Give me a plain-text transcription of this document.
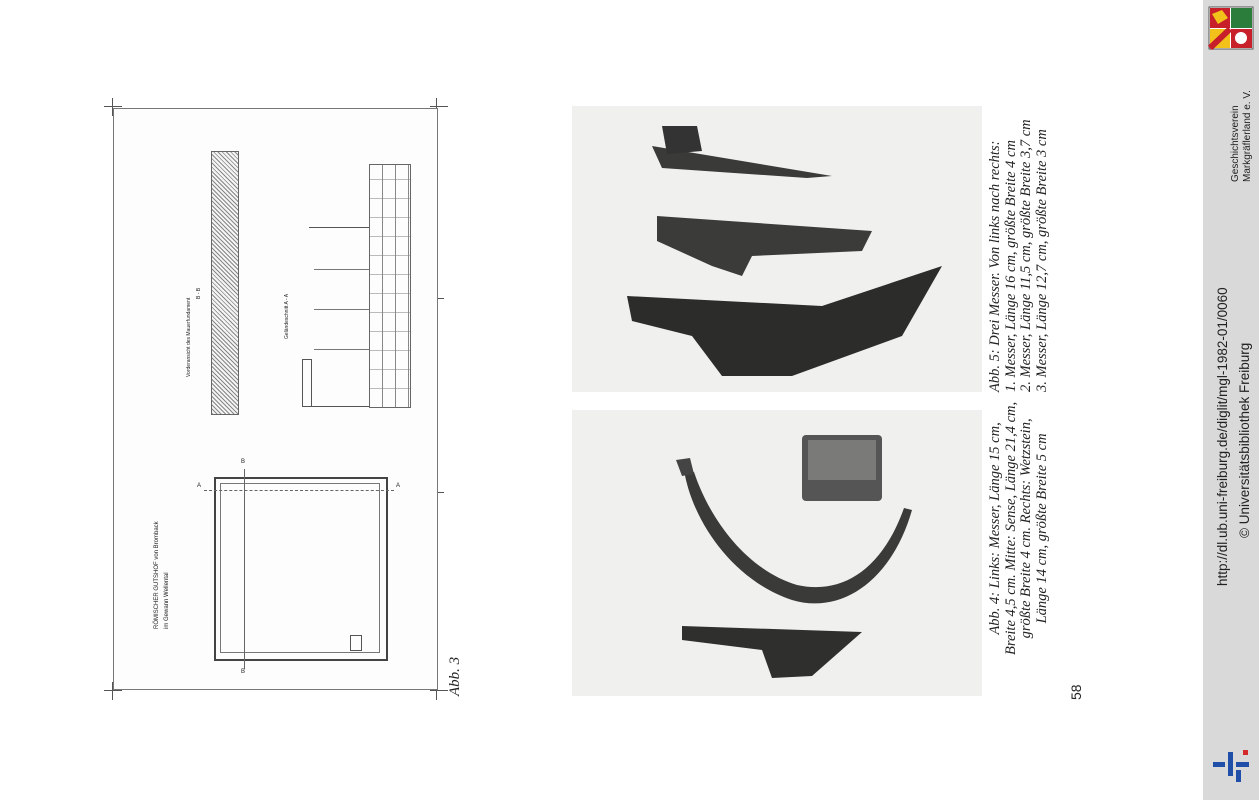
Vorderansicht des Mauerfundament
B - B
Geländeschnitt A - A
A	A
B
B
RÖMISCHER GUTSHOF von Bromback im Gewann Wellental
Abb. 3
Abb. 4: Links: Messer, Länge 15 cm, Breite 4,5 cm. Mitte: Sense, Länge 21,4 cm, größte Breite 4 cm. Rechts: Wetzstein, Länge 14 cm, größte Breite 5 cm
Abb. 5: Drei Messer. Von links nach rechts: 1. Messer, Länge 16 cm, größte Breite 4 cm 2. Messer, Länge 11,5 cm, größte Breite 3,7 cm 3. Messer, Länge 12,7 cm, größte Breite 3 cm
58
Geschichtsverein Markgräflerland e. V.
http://dl.ub.uni-freiburg.de/diglit/mgl-1982-01/0060 © Universitätsbibliothek Freiburg
